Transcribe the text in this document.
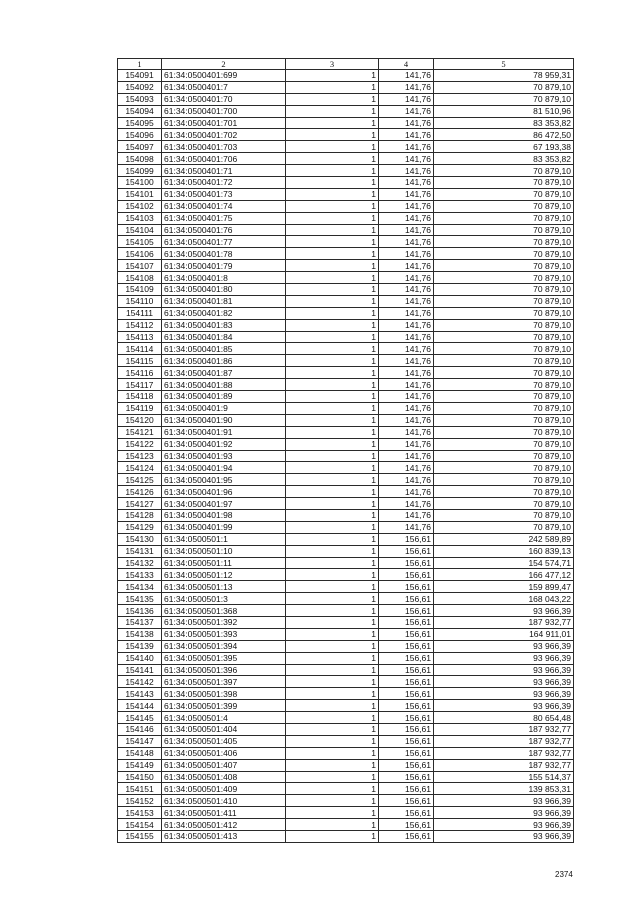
1	2	3	4	5
154091	61:34:0500401:699	1	141,76	78 959,31
154092	61:34:0500401:7	1	141,76	70 879,10
154093	61:34:0500401:70	1	141,76	70 879,10
154094	61:34:0500401:700	1	141,76	81 510,96
154095	61:34:0500401:701	1	141,76	83 353,82
154096	61:34:0500401:702	1	141,76	86 472,50
154097	61:34:0500401:703	1	141,76	67 193,38
154098	61:34:0500401:706	1	141,76	83 353,82
154099	61:34:0500401:71	1	141,76	70 879,10
154100	61:34:0500401:72	1	141,76	70 879,10
154101	61:34:0500401:73	1	141,76	70 879,10
154102	61:34:0500401:74	1	141,76	70 879,10
154103	61:34:0500401:75	1	141,76	70 879,10
154104	61:34:0500401:76	1	141,76	70 879,10
154105	61:34:0500401:77	1	141,76	70 879,10
154106	61:34:0500401:78	1	141,76	70 879,10
154107	61:34:0500401:79	1	141,76	70 879,10
154108	61:34:0500401:8	1	141,76	70 879,10
154109	61:34:0500401:80	1	141,76	70 879,10
154110	61:34:0500401:81	1	141,76	70 879,10
154111	61:34:0500401:82	1	141,76	70 879,10
154112	61:34:0500401:83	1	141,76	70 879,10
154113	61:34:0500401:84	1	141,76	70 879,10
154114	61:34:0500401:85	1	141,76	70 879,10
154115	61:34:0500401:86	1	141,76	70 879,10
154116	61:34:0500401:87	1	141,76	70 879,10
154117	61:34:0500401:88	1	141,76	70 879,10
154118	61:34:0500401:89	1	141,76	70 879,10
154119	61:34:0500401:9	1	141,76	70 879,10
154120	61:34:0500401:90	1	141,76	70 879,10
154121	61:34:0500401:91	1	141,76	70 879,10
154122	61:34:0500401:92	1	141,76	70 879,10
154123	61:34:0500401:93	1	141,76	70 879,10
154124	61:34:0500401:94	1	141,76	70 879,10
154125	61:34:0500401:95	1	141,76	70 879,10
154126	61:34:0500401:96	1	141,76	70 879,10
154127	61:34:0500401:97	1	141,76	70 879,10
154128	61:34:0500401:98	1	141,76	70 879,10
154129	61:34:0500401:99	1	141,76	70 879,10
154130	61:34:0500501:1	1	156,61	242 589,89
154131	61:34:0500501:10	1	156,61	160 839,13
154132	61:34:0500501:11	1	156,61	154 574,71
154133	61:34:0500501:12	1	156,61	166 477,12
154134	61:34:0500501:13	1	156,61	159 899,47
154135	61:34:0500501:3	1	156,61	168 043,22
154136	61:34:0500501:368	1	156,61	93 966,39
154137	61:34:0500501:392	1	156,61	187 932,77
154138	61:34:0500501:393	1	156,61	164 911,01
154139	61:34:0500501:394	1	156,61	93 966,39
154140	61:34:0500501:395	1	156,61	93 966,39
154141	61:34:0500501:396	1	156,61	93 966,39
154142	61:34:0500501:397	1	156,61	93 966,39
154143	61:34:0500501:398	1	156,61	93 966,39
154144	61:34:0500501:399	1	156,61	93 966,39
154145	61:34:0500501:4	1	156,61	80 654,48
154146	61:34:0500501:404	1	156,61	187 932,77
154147	61:34:0500501:405	1	156,61	187 932,77
154148	61:34:0500501:406	1	156,61	187 932,77
154149	61:34:0500501:407	1	156,61	187 932,77
154150	61:34:0500501:408	1	156,61	155 514,37
154151	61:34:0500501:409	1	156,61	139 853,31
154152	61:34:0500501:410	1	156,61	93 966,39
154153	61:34:0500501:411	1	156,61	93 966,39
154154	61:34:0500501:412	1	156,61	93 966,39
154155	61:34:0500501:413	1	156,61	93 966,39
2374
